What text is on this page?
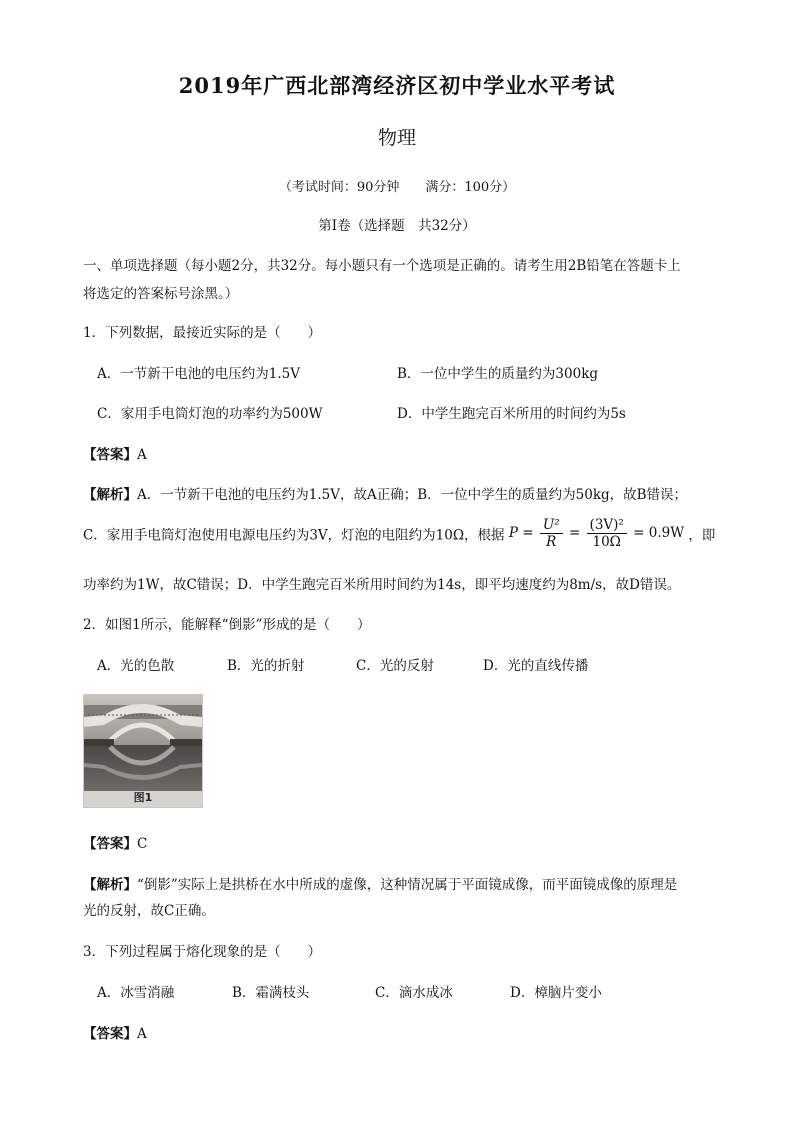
2019年广西北部湾经济区初中学业水平考试
物理
（考试时间：90分钟　　满分：100分）
第Ⅰ卷（选择题　共32分）
一、单项选择题（每小题2分，共32分。每小题只有一个选项是正确的。请考生用2B铅笔在答题卡上
将选定的答案标号涂黑。）
1．下列数据，最接近实际的是（　　）
A．一节新干电池的电压约为1.5V	B．一位中学生的质量约为300kg
C．家用手电筒灯泡的功率约为500W	D．中学生跑完百米所用的时间约为5s
【答案】A
【解析】A．一节新干电池的电压约为1.5V，故A正确；B．一位中学生的质量约为50kg，故B错误；
C．家用手电筒灯泡使用电源电压约为3V，灯泡的电阻约为10Ω，根据 $P = \frac{\text{U²}}{R} = \frac{\text{(3V)²}}{10\Omega} = 0.9W$ ，即
功率约为1W，故C错误；D．中学生跑完百米所用时间约为14s，即平均速度约为8m/s，故D错误。
2．如图1所示，能解释“倒影”形成的是（　　）
A．光的色散	B．光的折射	C．光的反射	D．光的直线传播
图1
【答案】C
【解析】“倒影”实际上是拱桥在水中所成的虚像，这种情况属于平面镜成像，而平面镜成像的原理是
光的反射，故C正确。
3．下列过程属于熔化现象的是（　　）
A．冰雪消融	B．霜满枝头	C．滴水成冰	D．樟脑片变小
【答案】A
